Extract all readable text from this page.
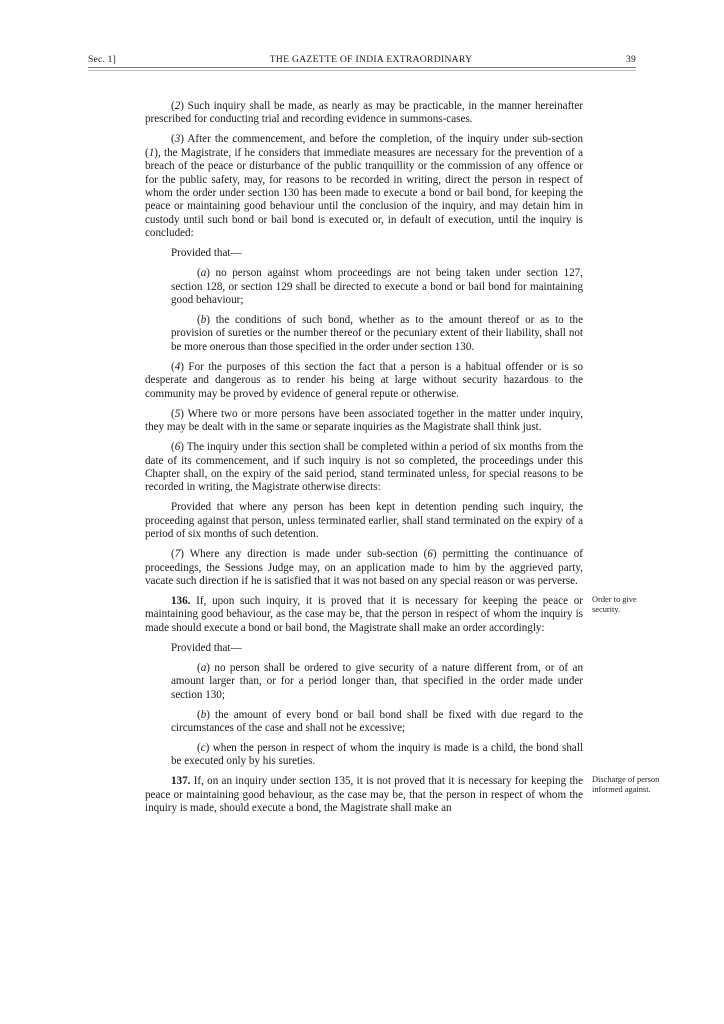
Sec. 1]	THE GAZETTE OF INDIA EXTRAORDINARY	39

(2) Such inquiry shall be made, as nearly as may be practicable, in the manner hereinafter prescribed for conducting trial and recording evidence in summons-cases.

(3) After the commencement, and before the completion, of the inquiry under sub-section (1), the Magistrate, if he considers that immediate measures are necessary for the prevention of a breach of the peace or disturbance of the public tranquillity or the commission of any offence or for the public safety, may, for reasons to be recorded in writing, direct the person in respect of whom the order under section 130 has been made to execute a bond or bail bond, for keeping the peace or maintaining good behaviour until the conclusion of the inquiry, and may detain him in custody until such bond or bail bond is executed or, in default of execution, until the inquiry is concluded:

Provided that—

(a) no person against whom proceedings are not being taken under section 127, section 128, or section 129 shall be directed to execute a bond or bail bond for maintaining good behaviour;

(b) the conditions of such bond, whether as to the amount thereof or as to the provision of sureties or the number thereof or the pecuniary extent of their liability, shall not be more onerous than those specified in the order under section 130.

(4) For the purposes of this section the fact that a person is a habitual offender or is so desperate and dangerous as to render his being at large without security hazardous to the community may be proved by evidence of general repute or otherwise.

(5) Where two or more persons have been associated together in the matter under inquiry, they may be dealt with in the same or separate inquiries as the Magistrate shall think just.

(6) The inquiry under this section shall be completed within a period of six months from the date of its commencement, and if such inquiry is not so completed, the proceedings under this Chapter shall, on the expiry of the said period, stand terminated unless, for special reasons to be recorded in writing, the Magistrate otherwise directs:

Provided that where any person has been kept in detention pending such inquiry, the proceeding against that person, unless terminated earlier, shall stand terminated on the expiry of a period of six months of such detention.

(7) Where any direction is made under sub-section (6) permitting the continuance of proceedings, the Sessions Judge may, on an application made to him by the aggrieved party, vacate such direction if he is satisfied that it was not based on any special reason or was perverse.

136. If, upon such inquiry, it is proved that it is necessary for keeping the peace or maintaining good behaviour, as the case may be, that the person in respect of whom the inquiry is made should execute a bond or bail bond, the Magistrate shall make an order accordingly:
Order to give security.

Provided that—

(a) no person shall be ordered to give security of a nature different from, or of an amount larger than, or for a period longer than, that specified in the order made under section 130;

(b) the amount of every bond or bail bond shall be fixed with due regard to the circumstances of the case and shall not be excessive;

(c) when the person in respect of whom the inquiry is made is a child, the bond shall be executed only by his sureties.

137. If, on an inquiry under section 135, it is not proved that it is necessary for keeping the peace or maintaining good behaviour, as the case may be, that the person in respect of whom the inquiry is made, should execute a bond, the Magistrate shall make an
Discharge of person informed against.
